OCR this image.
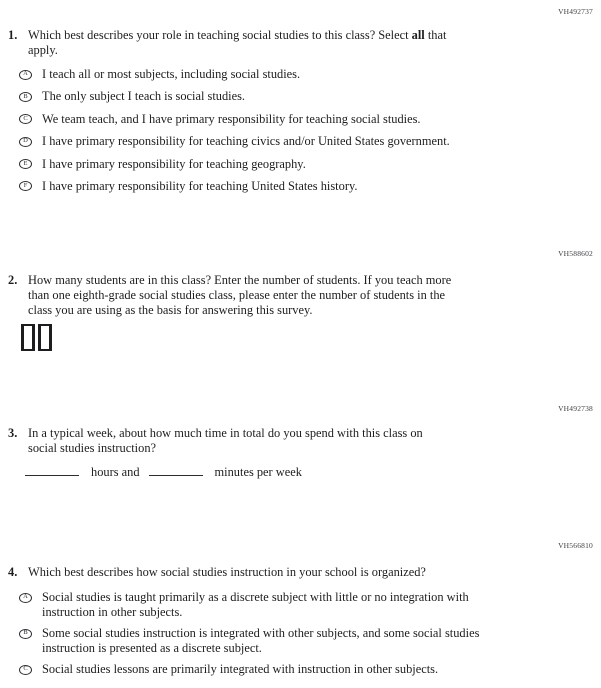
VH492737
VH588602
VH492738
VH566810
1. Which best describes your role in teaching social studies to this class? Select all that
apply.
A	I teach all or most subjects, including social studies.
B	The only subject I teach is social studies.
C	We team teach, and I have primary responsibility for teaching social studies.
D	I have primary responsibility for teaching civics and/or United States government.
E	I have primary responsibility for teaching geography.
F	I have primary responsibility for teaching United States history.
2. How many students are in this class? Enter the number of students. If you teach more
than one eighth-grade social studies class, please enter the number of students in the
class you are using as the basis for answering this survey.
3. In a typical week, about how much time in total do you spend with this class on
social studies instruction?
hours and	minutes per week
4. Which best describes how social studies instruction in your school is organized?
A	Social studies is taught primarily as a discrete subject with little or no integration with
instruction in other subjects.
B	Some social studies instruction is integrated with other subjects, and some social studies
instruction is presented as a discrete subject.
C	Social studies lessons are primarily integrated with instruction in other subjects.
